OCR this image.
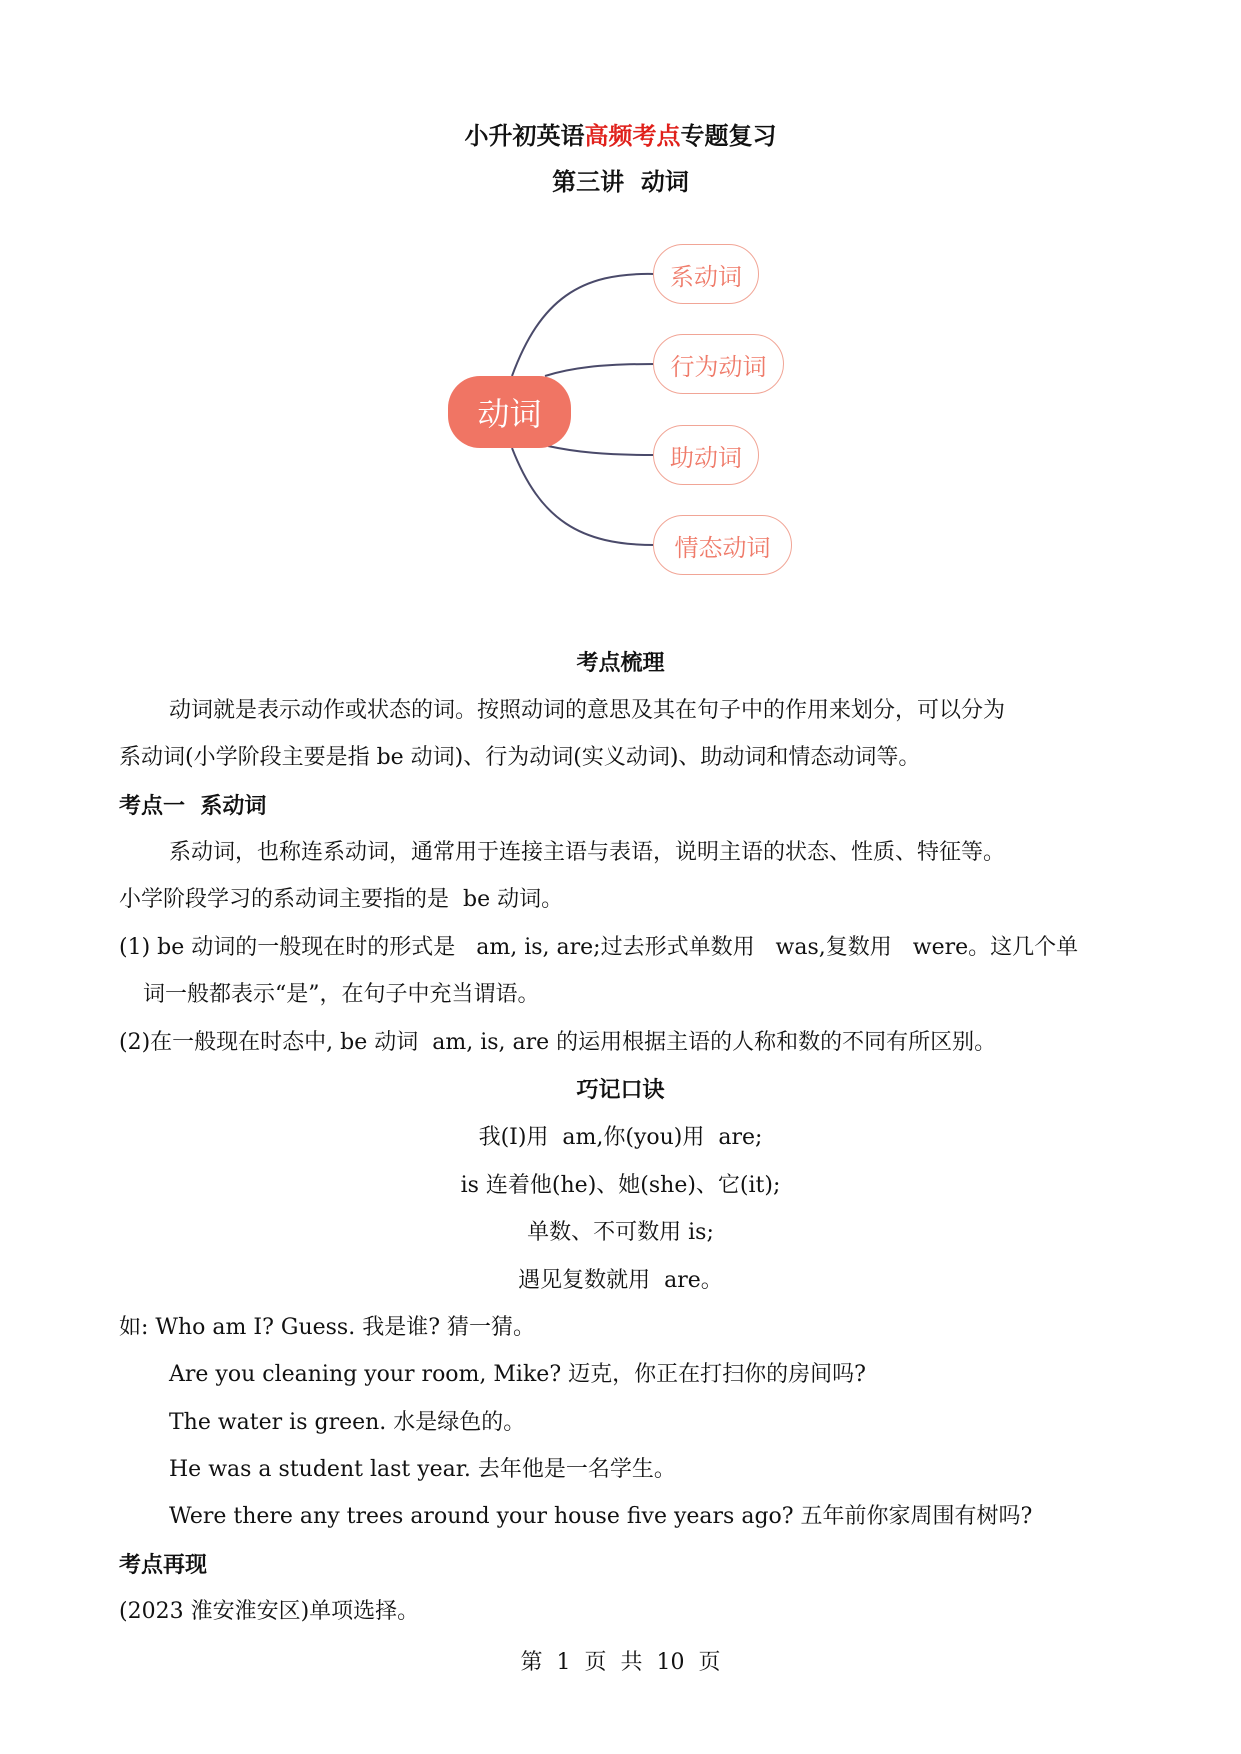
小升初英语高频考点专题复习
第三讲  动词
动词
系动词
行为动词
助动词
情态动词
考点梳理
动词就是表示动作或状态的词。按照动词的意思及其在句子中的作用来划分，可以分为
系动词(小学阶段主要是指 be 动词)、行为动词(实义动词)、助动词和情态动词等。
考点一  系动词
系动词，也称连系动词，通常用于连接主语与表语，说明主语的状态、性质、特征等。
小学阶段学习的系动词主要指的是  be 动词。
(1) be 动词的一般现在时的形式是   am, is, are;过去形式单数用   was,复数用   were。这几个单
词一般都表示“是”，在句子中充当谓语。
(2)在一般现在时态中, be 动词  am, is, are 的运用根据主语的人称和数的不同有所区别。
巧记口诀
我(I)用  am,你(you)用  are;
is 连着他(he)、她(she)、它(it);
单数、不可数用 is;
遇见复数就用  are。
如: Who am I? Guess. 我是谁? 猜一猜。
Are you cleaning your room, Mike? 迈克，你正在打扫你的房间吗?
The water is green. 水是绿色的。
He was a student last year. 去年他是一名学生。
Were there any trees around your house five years ago? 五年前你家周围有树吗?
考点再现
(2023 淮安淮安区)单项选择。
第  1  页  共  10  页
